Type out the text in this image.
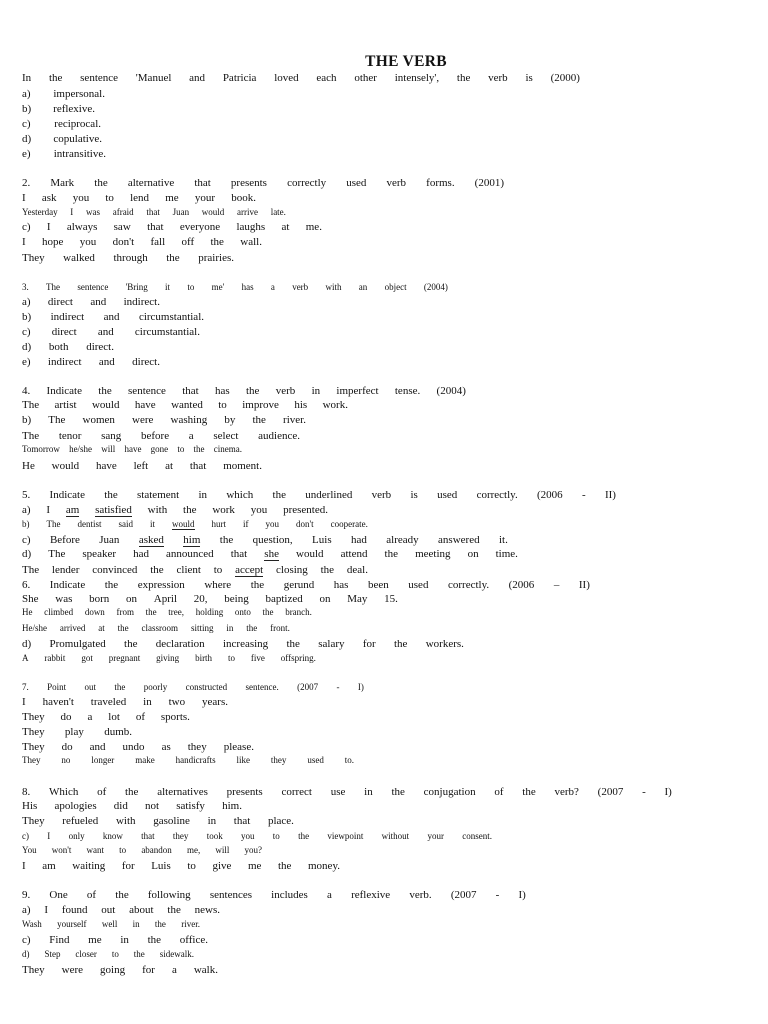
THE VERB
In the sentence 'Manuel and Patricia loved each other intensely', the verb is (2000)
a) impersonal.
b) reflexive.
c) reciprocal.
d) copulative.
e) intransitive.
2. Mark the alternative that presents correctly used verb forms. (2001)
I ask you to lend me your book.
Yesterday I was afraid that Juan would arrive late.
c) I always saw that everyone laughs at me.
I hope you don't fall off the wall.
They walked through the prairies.
3. The sentence 'Bring it to me' has a verb with an object (2004)
a) direct and indirect.
b) indirect and circumstantial.
c) direct and circumstantial.
d) both direct.
e) indirect and direct.
4. Indicate the sentence that has the verb in imperfect tense. (2004)
The artist would have wanted to improve his work.
b) The women were washing by the river.
The tenor sang before a select audience.
Tomorrow he/she will have gone to the cinema.
He would have left at that moment.
5. Indicate the statement in which the underlined verb is used correctly. (2006 - II)
a) I am satisfied with the work you presented.
b) The dentist said it would hurt if you don't cooperate.
c) Before Juan asked him the question, Luis had already answered it.
d) The speaker had announced that she would attend the meeting on time.
The lender convinced the client to accept closing the deal.
6. Indicate the expression where the gerund has been used correctly. (2006 – II)
She was born on April 20, being baptized on May 15.
He climbed down from the tree, holding onto the branch.
He/she arrived at the classroom sitting in the front.
d) Promulgated the declaration increasing the salary for the workers.
A rabbit got pregnant giving birth to five offspring.
7. Point out the poorly constructed sentence. (2007 - I)
I haven't traveled in two years.
They do a lot of sports.
They play dumb.
They do and undo as they please.
They no longer make handicrafts like they used to.
8. Which of the alternatives presents correct use in the conjugation of the verb? (2007 - I)
His apologies did not satisfy him.
They refueled with gasoline in that place.
c) I only know that they took you to the viewpoint without your consent.
You won't want to abandon me, will you?
I am waiting for Luis to give me the money.
9. One of the following sentences includes a reflexive verb. (2007 - I)
a) I found out about the news.
Wash yourself well in the river.
c) Find me in the office.
d) Step closer to the sidewalk.
They were going for a walk.
